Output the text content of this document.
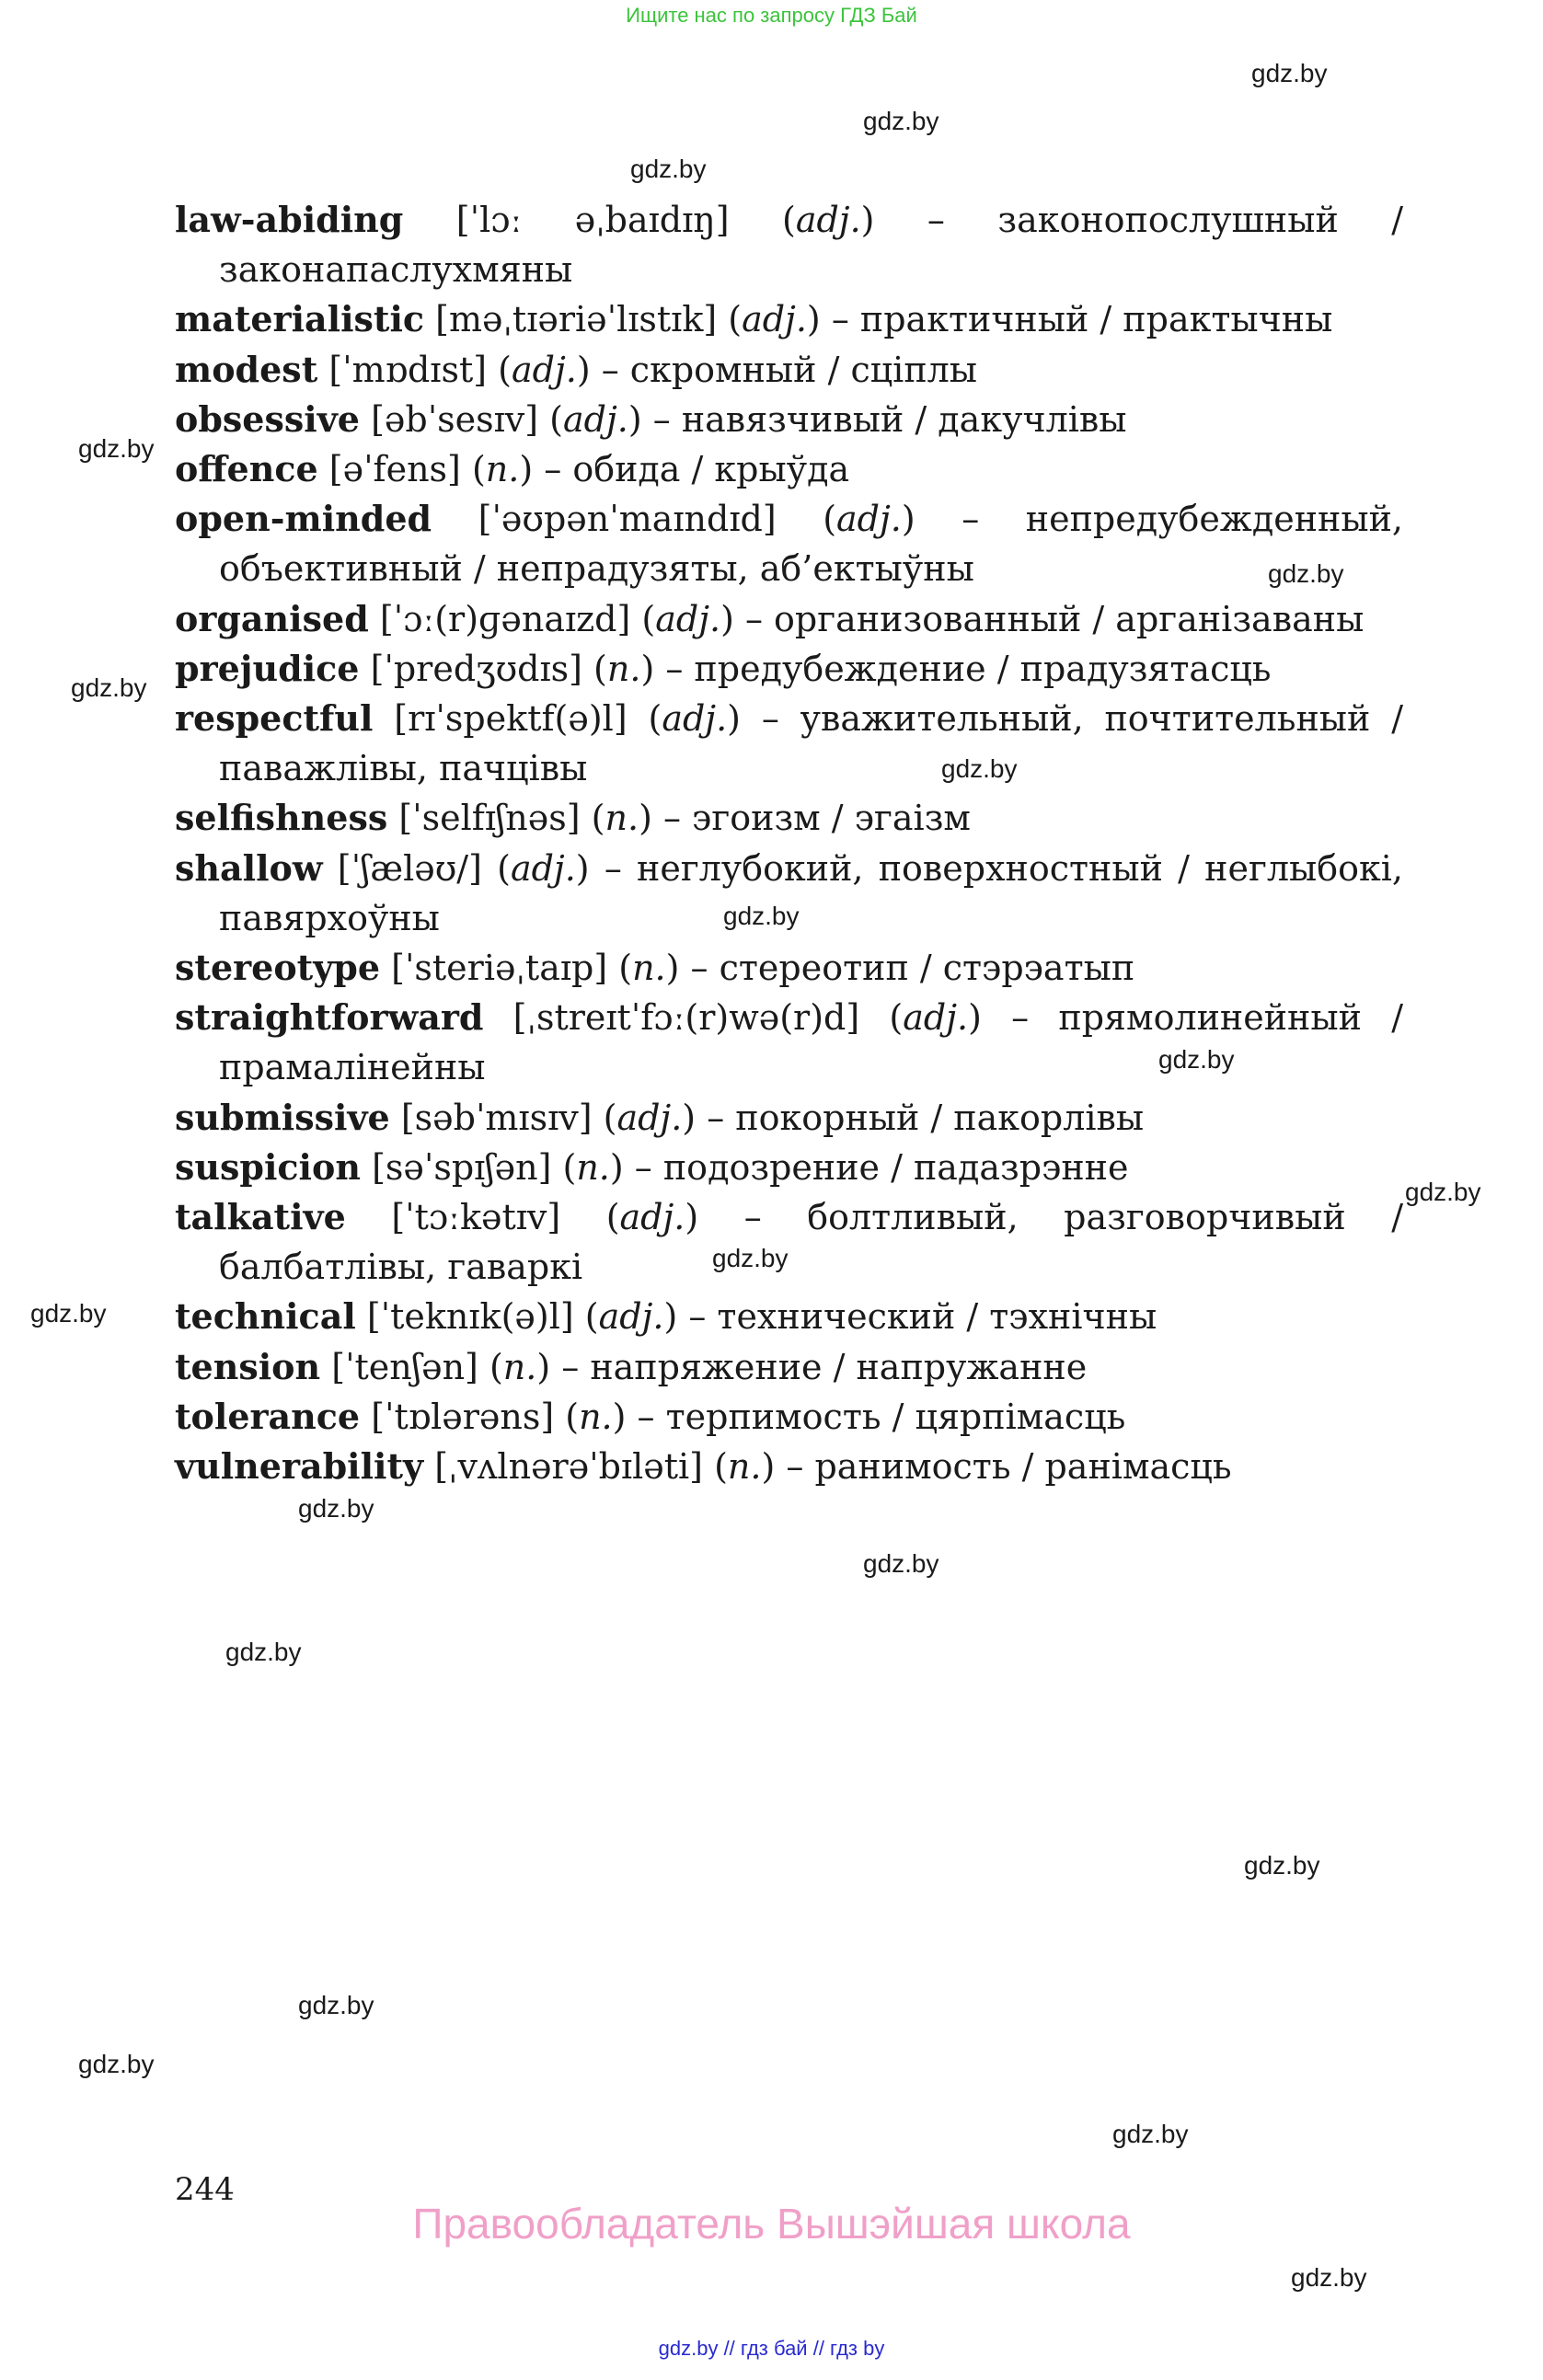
Ищите нас по запросу ГДЗ Бай
gdz.by
gdz.by
gdz.by
gdz.by
gdz.by
gdz.by
gdz.by
gdz.by
gdz.by
gdz.by
gdz.by
gdz.by
gdz.by
gdz.by
gdz.by
gdz.by
gdz.by
gdz.by
gdz.by
gdz.by

law-abiding [ˈlɔː əˌbaɪdɪŋ] (adj.) – законопослушный / законапаслухмяны

materialistic [məˌtɪəriəˈlɪstɪk] (adj.) – практичный / практычны

modest [ˈmɒdɪst] (adj.) – скромный / сціплы

obsessive [əbˈsesɪv] (adj.) – навязчивый / дакучлівы

offence [əˈfens] (n.) – обида / крыўда

open-minded [ˈəʊpənˈmaɪndɪd] (adj.) – непредубежденный, объективный / непрадузяты, аб’ектыўны

organised [ˈɔː(r)ɡənaɪzd] (adj.) – организованный / арганізаваны

prejudice [ˈpredʒʊdɪs] (n.) – предубеждение / прадузятасць

respectful [rɪˈspektf(ə)l] (adj.) – уважительный, почтительный / паважлівы, пачцівы

selfishness [ˈselfɪʃnəs] (n.) – эгоизм / эгаізм

shallow [ˈʃæləʊ/] (adj.) – неглубокий, поверхностный / неглыбокі, павярхоўны

stereotype [ˈsteriəˌtaɪp] (n.) – стереотип / стэрэатып

straightforward [ˌstreɪtˈfɔː(r)wə(r)d] (adj.) – прямолинейный / прамалінейны

submissive [səbˈmɪsɪv] (adj.) – покорный / пакорлівы

suspicion [səˈspɪʃən] (n.) – подозрение / падазрэнне

talkative [ˈtɔːkətɪv] (adj.) – болтливый, разговорчивый / балбатлівы, гаваркі

technical [ˈteknɪk(ə)l] (adj.) – технический / тэхнічны

tension [ˈtenʃən] (n.) – напряжение / напружанне

tolerance [ˈtɒlərəns] (n.) – терпимость / цярпімасць

vulnerability [ˌvʌlnərəˈbɪləti] (n.) – ранимость / ранімасць

244
Правообладатель Вышэйшая школа
gdz.by // гдз бай // гдз by
